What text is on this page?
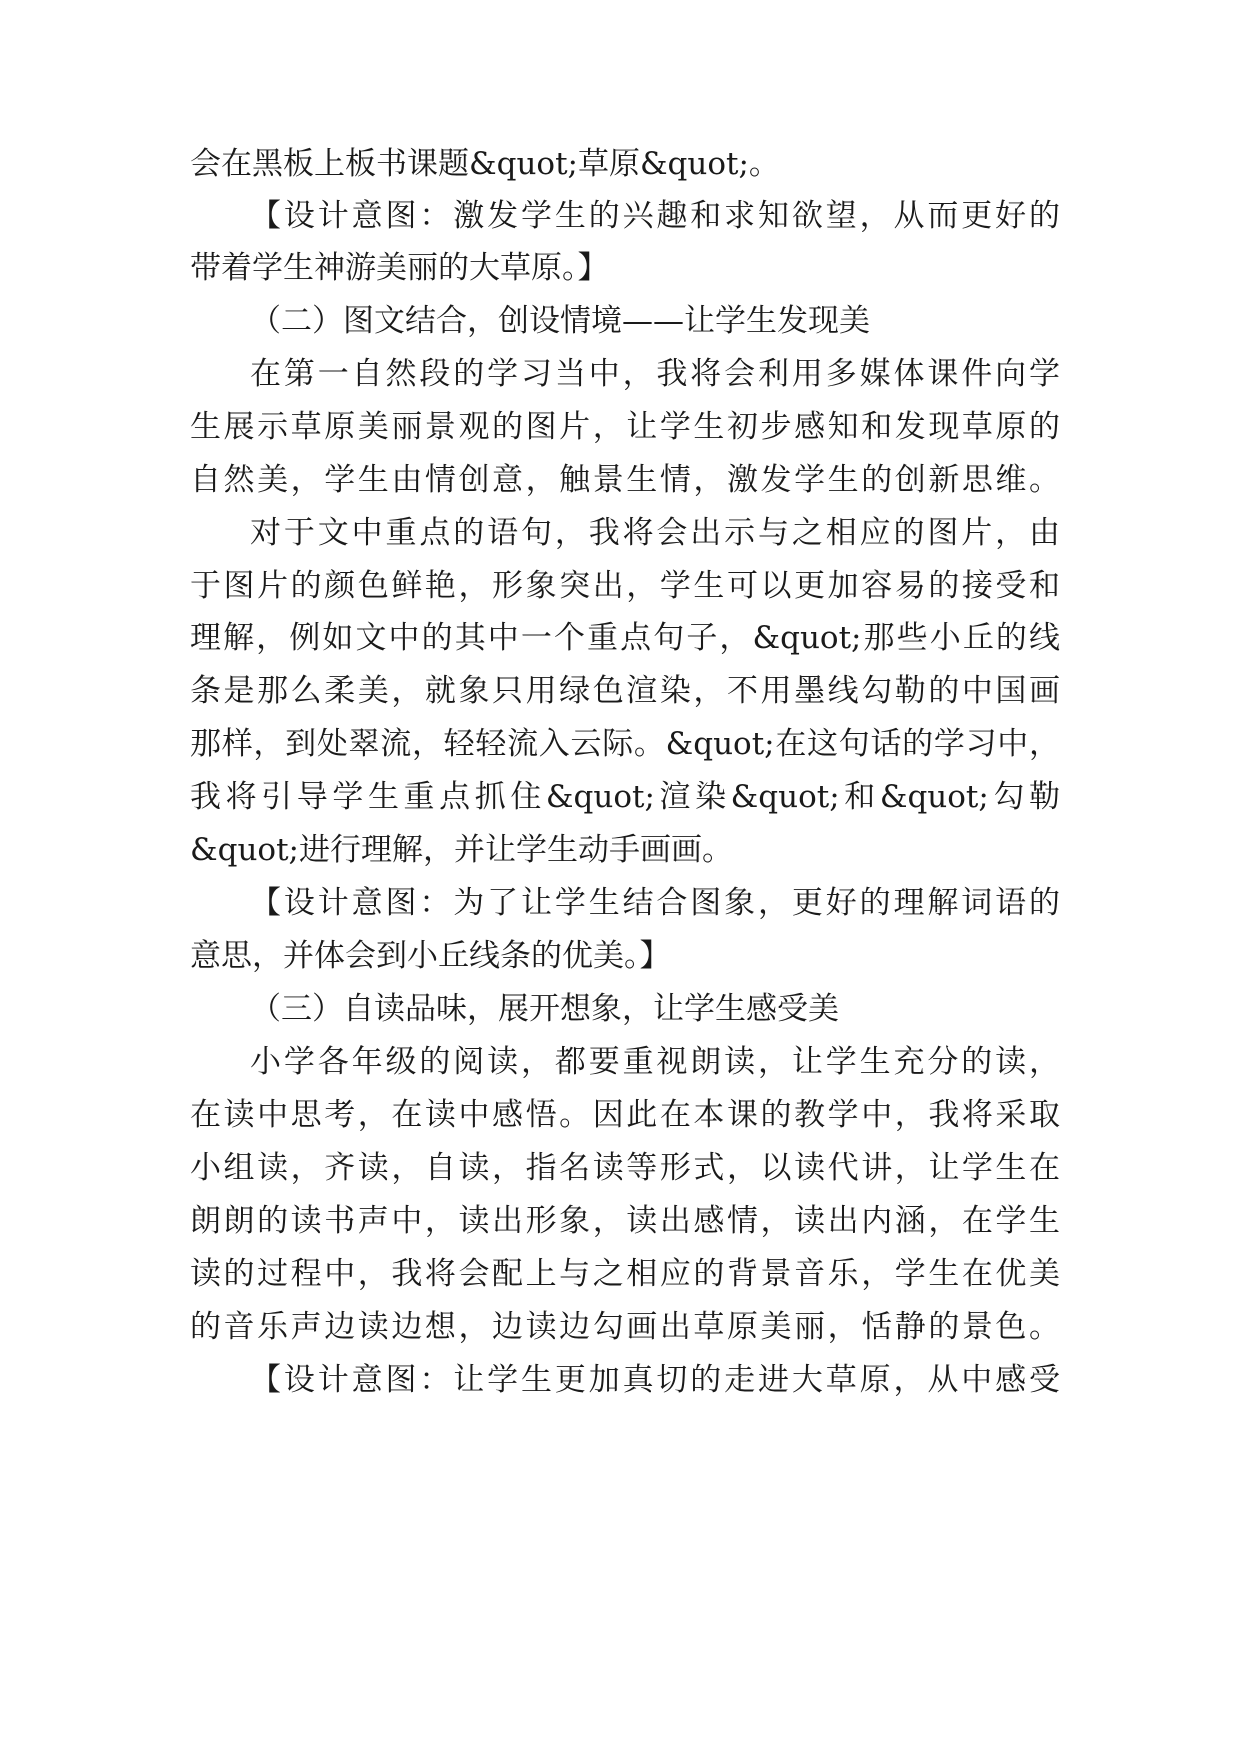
会在黑板上板书课题&quot;草原&quot;。
【设计意图：激发学生的兴趣和求知欲望，从而更好的
带着学生神游美丽的大草原。】
（二）图文结合，创设情境——让学生发现美
在第一自然段的学习当中，我将会利用多媒体课件向学
生展示草原美丽景观的图片，让学生初步感知和发现草原的
自然美，学生由情创意，触景生情，激发学生的创新思维。
对于文中重点的语句，我将会出示与之相应的图片，由
于图片的颜色鲜艳，形象突出，学生可以更加容易的接受和
理解，例如文中的其中一个重点句子，&quot;那些小丘的线
条是那么柔美，就象只用绿色渲染，不用墨线勾勒的中国画
那样，到处翠流，轻轻流入云际。&quot;在这句话的学习中，
我将引导学生重点抓住&quot;渲染&quot;和&quot;勾勒
&quot;进行理解，并让学生动手画画。
【设计意图：为了让学生结合图象，更好的理解词语的
意思，并体会到小丘线条的优美。】
（三）自读品味，展开想象，让学生感受美
小学各年级的阅读，都要重视朗读，让学生充分的读，
在读中思考，在读中感悟。因此在本课的教学中，我将采取
小组读，齐读，自读，指名读等形式，以读代讲，让学生在
朗朗的读书声中，读出形象，读出感情，读出内涵，在学生
读的过程中，我将会配上与之相应的背景音乐，学生在优美
的音乐声边读边想，边读边勾画出草原美丽，恬静的景色。
【设计意图：让学生更加真切的走进大草原，从中感受
